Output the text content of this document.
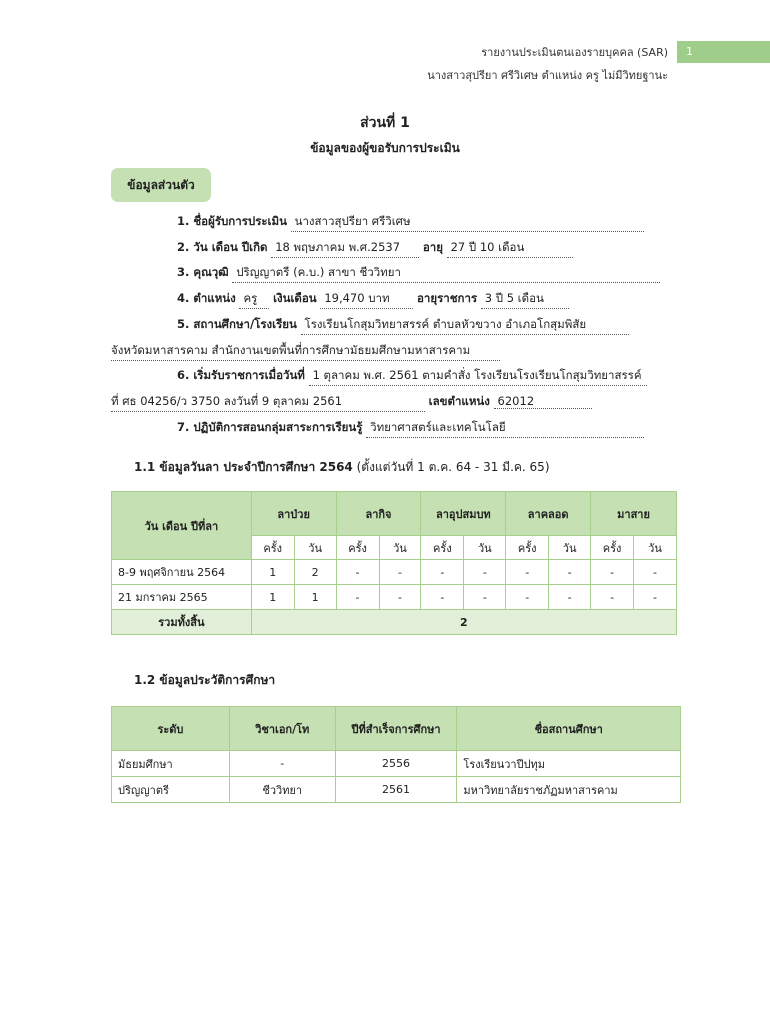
รายงานประเมินตนเองรายบุคคล (SAR)
นางสาวสุปรียา ศรีวิเศษ ตำแหน่ง ครู ไม่มีวิทยฐานะ
1
ส่วนที่ 1
ข้อมูลของผู้ขอรับการประเมิน
ข้อมูลส่วนตัว
1. ชื่อผู้รับการประเมิน นางสาวสุปรียา ศรีวิเศษ
2. วัน เดือน ปีเกิด 18 พฤษภาคม พ.ศ.2537 อายุ 27 ปี 10 เดือน
3. คุณวุฒิ ปริญญาตรี (ค.บ.) สาขา ชีววิทยา
4. ตำแหน่ง ครู เงินเดือน 19,470 บาท อายุราชการ 3 ปี 5 เดือน
5. สถานศึกษา/โรงเรียน โรงเรียนโกสุมวิทยาสรรค์ ตำบลหัวขวาง อำเภอโกสุมพิสัย
จังหวัดมหาสารคาม สำนักงานเขตพื้นที่การศึกษามัธยมศึกษามหาสารคาม
6. เริ่มรับราชการเมื่อวันที่ 1 ตุลาคม พ.ศ. 2561 ตามคำสั่ง โรงเรียนโรงเรียนโกสุมวิทยาสรรค์
ที่ ศธ 04256/ว 3750 ลงวันที่ 9 ตุลาคม 2561	เลขตำแหน่ง 62012
7. ปฏิบัติการสอนกลุ่มสาระการเรียนรู้ วิทยาศาสตร์และเทคโนโลยี
1.1 ข้อมูลวันลา ประจำปีการศึกษา 2564 (ตั้งแต่วันที่ 1 ต.ค. 64 - 31 มี.ค. 65)
วัน เดือน ปีที่ลา	ลาป่วย		ลากิจ		ลาอุปสมบท		ลาคลอด		มาสาย	
	ครั้ง	วัน	ครั้ง	วัน	ครั้ง	วัน	ครั้ง	วัน	ครั้ง	วัน
8-9 พฤศจิกายน 2564	1	2	-	-	-	-	-	-	-	-
21 มกราคม 2565	1	1	-	-	-	-	-	-	-	-
รวมทั้งสิ้น	2									
1.2 ข้อมูลประวัติการศึกษา
ระดับ	วิชาเอก/โท	ปีที่สำเร็จการศึกษา	ชื่อสถานศึกษา
มัธยมศึกษา	-	2556	โรงเรียนวาปีปทุม
ปริญญาตรี	ชีววิทยา	2561	มหาวิทยาลัยราชภัฏมหาสารคาม
